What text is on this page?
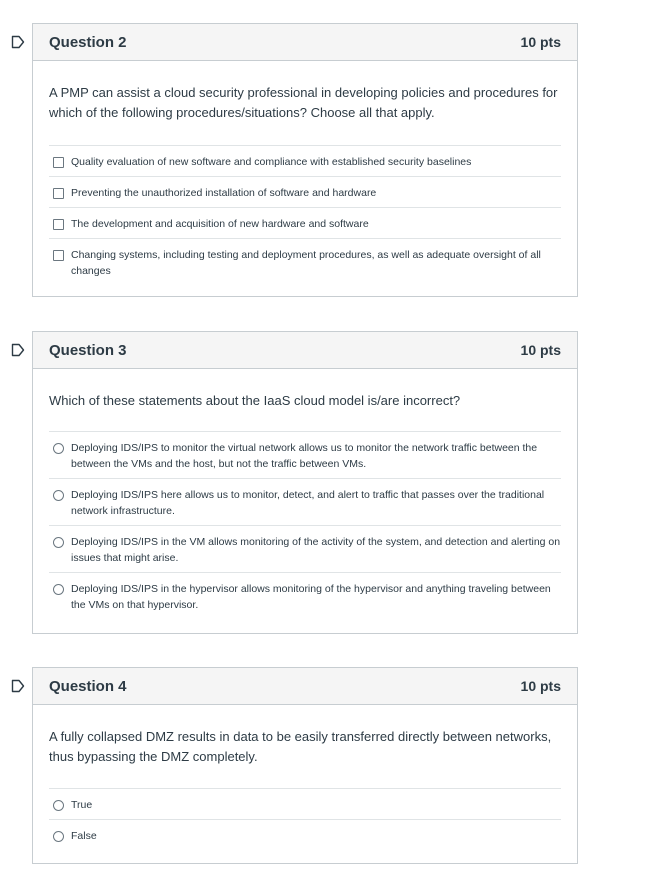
Question 2	10 pts
A PMP can assist a cloud security professional in developing policies and procedures for which of the following procedures/situations? Choose all that apply.
Quality evaluation of new software and compliance with established security baselines
Preventing the unauthorized installation of software and hardware
The development and acquisition of new hardware and software
Changing systems, including testing and deployment procedures, as well as adequate oversight of all changes
Question 3	10 pts
Which of these statements about the IaaS cloud model is/are incorrect?
Deploying IDS/IPS to monitor the virtual network allows us to monitor the network traffic between the between the VMs and the host, but not the traffic between VMs.
Deploying IDS/IPS here allows us to monitor, detect, and alert to traffic that passes over the traditional network infrastructure.
Deploying IDS/IPS in the VM allows monitoring of the activity of the system, and detection and alerting on issues that might arise.
Deploying IDS/IPS in the hypervisor allows monitoring of the hypervisor and anything traveling between the VMs on that hypervisor.
Question 4	10 pts
A fully collapsed DMZ results in data to be easily transferred directly between networks, thus bypassing the DMZ completely.
True
False
